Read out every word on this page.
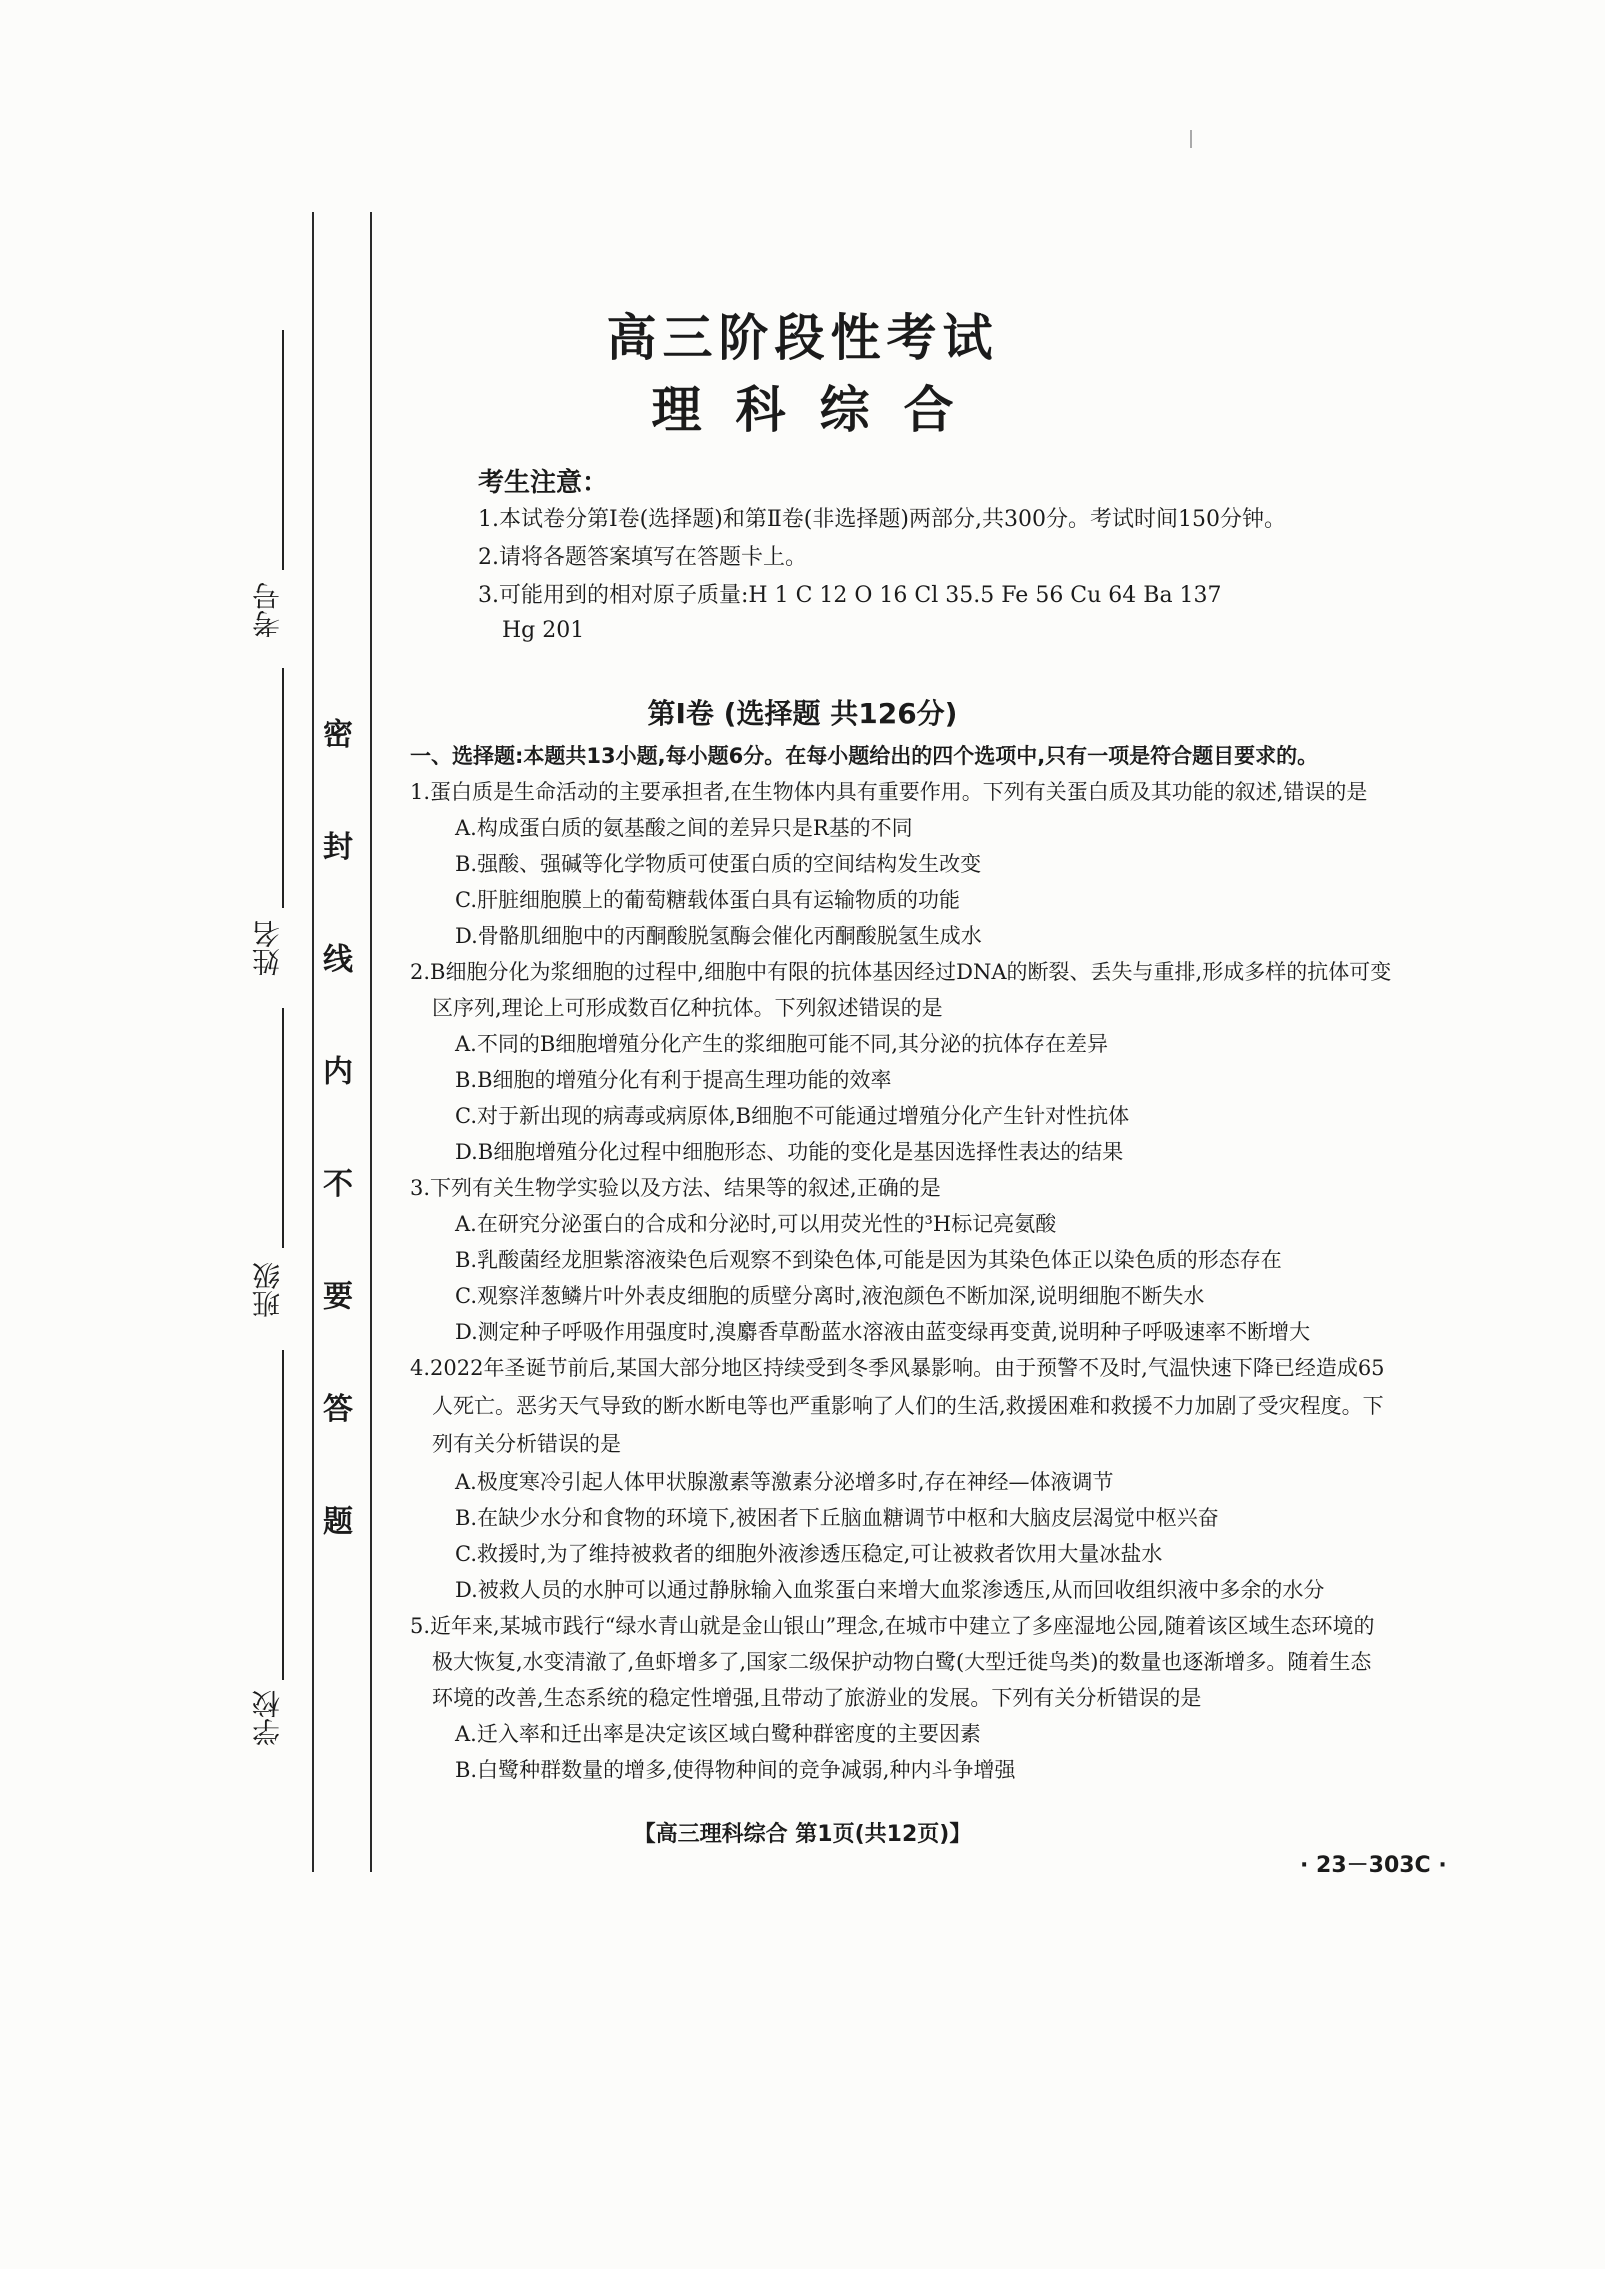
考号
姓名
班级
学校
密 封 线 内 不 要 答 题
高三阶段性考试
理科综合
考生注意：
1.本试卷分第Ⅰ卷(选择题)和第Ⅱ卷(非选择题)两部分,共300分。考试时间150分钟。
2.请将各题答案填写在答题卡上。
3.可能用到的相对原子质量:H 1 C 12 O 16 Cl 35.5 Fe 56 Cu 64 Ba 137
Hg 201
第Ⅰ卷 (选择题 共126分)
一、选择题:本题共13小题,每小题6分。在每小题给出的四个选项中,只有一项是符合题目要求的。
1.蛋白质是生命活动的主要承担者,在生物体内具有重要作用。下列有关蛋白质及其功能的叙述,错误的是
A.构成蛋白质的氨基酸之间的差异只是R基的不同
B.强酸、强碱等化学物质可使蛋白质的空间结构发生改变
C.肝脏细胞膜上的葡萄糖载体蛋白具有运输物质的功能
D.骨骼肌细胞中的丙酮酸脱氢酶会催化丙酮酸脱氢生成水
2.B细胞分化为浆细胞的过程中,细胞中有限的抗体基因经过DNA的断裂、丢失与重排,形成多样的抗体可变
区序列,理论上可形成数百亿种抗体。下列叙述错误的是
A.不同的B细胞增殖分化产生的浆细胞可能不同,其分泌的抗体存在差异
B.B细胞的增殖分化有利于提高生理功能的效率
C.对于新出现的病毒或病原体,B细胞不可能通过增殖分化产生针对性抗体
D.B细胞增殖分化过程中细胞形态、功能的变化是基因选择性表达的结果
3.下列有关生物学实验以及方法、结果等的叙述,正确的是
A.在研究分泌蛋白的合成和分泌时,可以用荧光性的³H标记亮氨酸
B.乳酸菌经龙胆紫溶液染色后观察不到染色体,可能是因为其染色体正以染色质的形态存在
C.观察洋葱鳞片叶外表皮细胞的质壁分离时,液泡颜色不断加深,说明细胞不断失水
D.测定种子呼吸作用强度时,溴麝香草酚蓝水溶液由蓝变绿再变黄,说明种子呼吸速率不断增大
4.2022年圣诞节前后,某国大部分地区持续受到冬季风暴影响。由于预警不及时,气温快速下降已经造成65
人死亡。恶劣天气导致的断水断电等也严重影响了人们的生活,救援困难和救援不力加剧了受灾程度。下
列有关分析错误的是
A.极度寒冷引起人体甲状腺激素等激素分泌增多时,存在神经—体液调节
B.在缺少水分和食物的环境下,被困者下丘脑血糖调节中枢和大脑皮层渴觉中枢兴奋
C.救援时,为了维持被救者的细胞外液渗透压稳定,可让被救者饮用大量冰盐水
D.被救人员的水肿可以通过静脉输入血浆蛋白来增大血浆渗透压,从而回收组织液中多余的水分
5.近年来,某城市践行“绿水青山就是金山银山”理念,在城市中建立了多座湿地公园,随着该区域生态环境的
极大恢复,水变清澈了,鱼虾增多了,国家二级保护动物白鹭(大型迁徙鸟类)的数量也逐渐增多。随着生态
环境的改善,生态系统的稳定性增强,且带动了旅游业的发展。下列有关分析错误的是
A.迁入率和迁出率是决定该区域白鹭种群密度的主要因素
B.白鹭种群数量的增多,使得物种间的竞争减弱,种内斗争增强
【高三理科综合 第1页(共12页)】
· 23－303C ·
